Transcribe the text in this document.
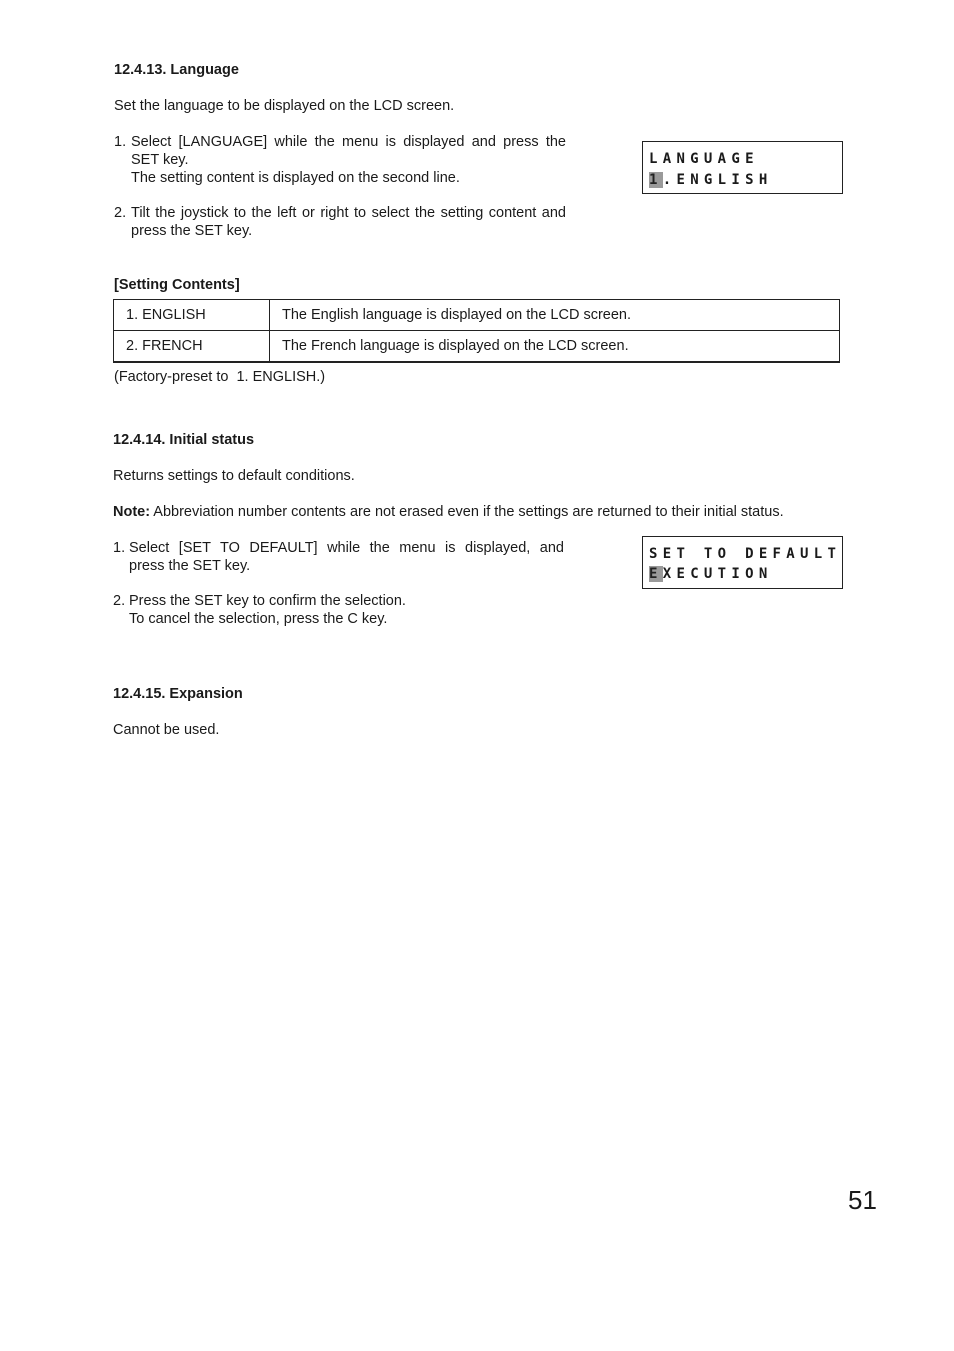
12.4.13. Language

Set the language to be displayed on the LCD screen.

1. Select [LANGUAGE] while the menu is displayed and press the
SET key.
The setting content is displayed on the second line.
2. Tilt the joystick to the left or right to select the setting content and
press the SET key.
LANGUAGE
1.ENGLISH
[Setting Contents]
1. ENGLISH	The English language is displayed on the LCD screen.
2. FRENCH	The French language is displayed on the LCD screen.

(Factory-preset to  1. ENGLISH.)

12.4.14. Initial status

Returns settings to default conditions.

Note: Abbreviation number contents are not erased even if the settings are returned to their initial status.

1. Select [SET TO DEFAULT] while the menu is displayed, and
press the SET key.
2. Press the SET key to confirm the selection.
To cancel the selection, press the C key.
SET TO DEFAULT
EXECUTION
12.4.15. Expansion

Cannot be used.

51
